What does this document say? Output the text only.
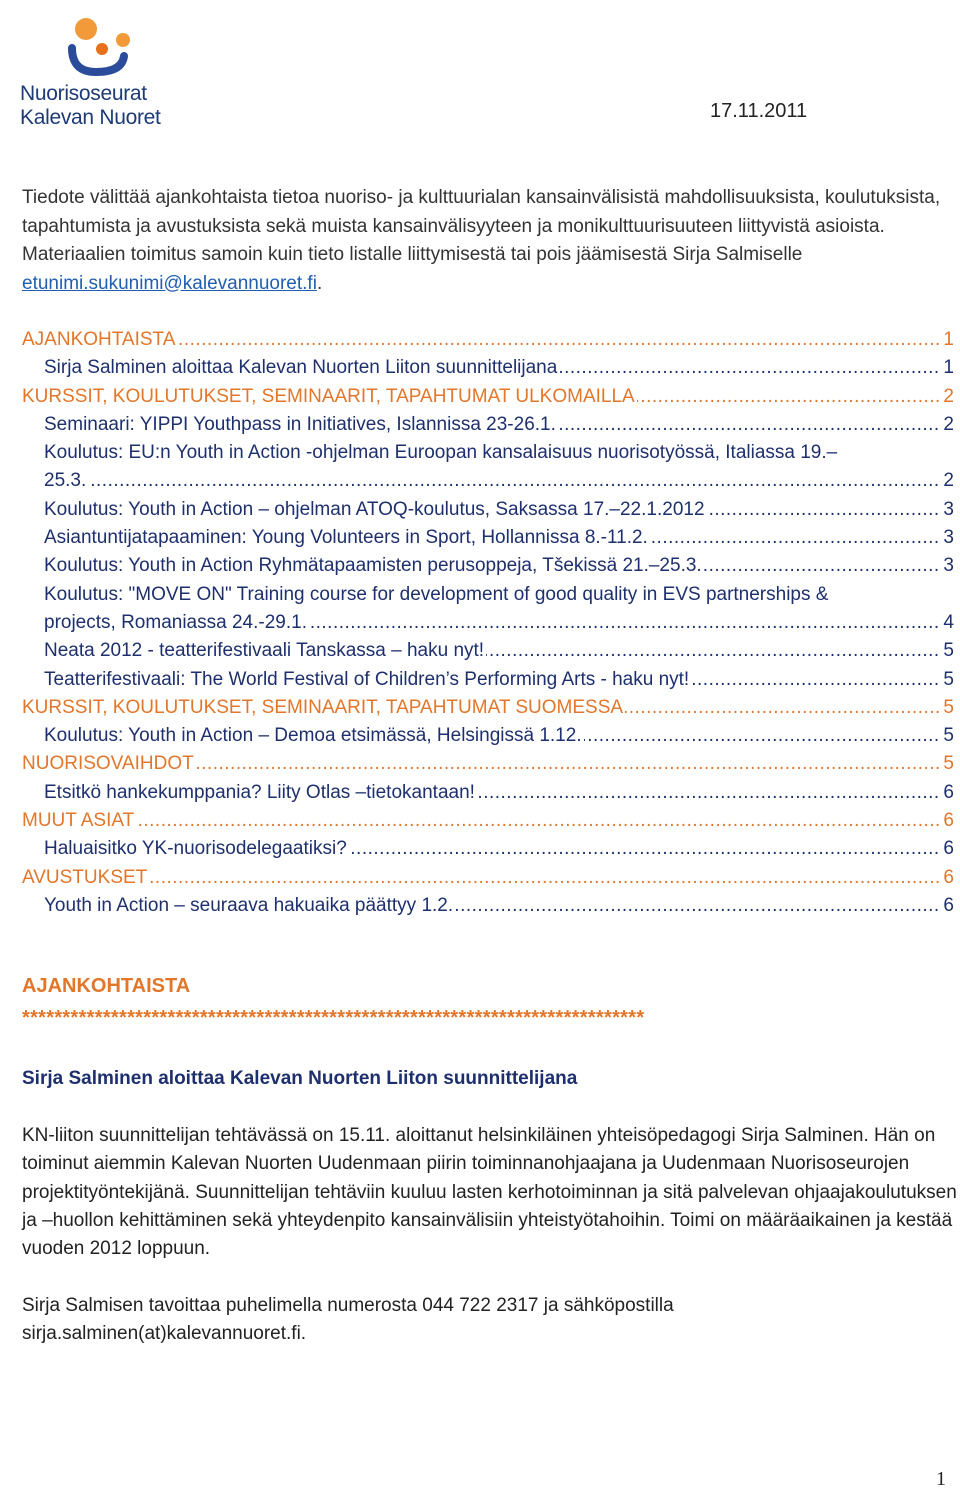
Nuorisoseurat
Kalevan Nuoret	17.11.2011
Tiedote välittää ajankohtaista tietoa nuoriso- ja kulttuurialan kansainvälisistä mahdollisuuksista, koulutuksista, tapahtumista ja avustuksista sekä muista kansainvälisyyteen ja monikulttuurisuuteen liittyvistä asioista. Materiaalien toimitus samoin kuin tieto listalle liittymisestä tai pois jäämisestä Sirja Salmiselle etunimi.sukunimi@kalevannuoret.fi.
AJANKOHTAISTA .....	1
Sirja Salminen aloittaa Kalevan Nuorten Liiton suunnittelijana .....	1
KURSSIT, KOULUTUKSET, SEMINAARIT, TAPAHTUMAT ULKOMAILLA .....	2
Seminaari: YIPPI Youthpass in Initiatives, Islannissa 23-26.1. .....	2
Koulutus: EU:n Youth in Action -ohjelman Euroopan kansalaisuus nuorisotyössä, Italiassa 19.–
25.3. .....	2
Koulutus: Youth in Action – ohjelman ATOQ-koulutus, Saksassa 17.–22.1.2012 .....	3
Asiantuntijatapaaminen: Young Volunteers in Sport, Hollannissa 8.-11.2. .....	3
Koulutus: Youth in Action Ryhmätapaamisten perusoppeja, Tšekissä 21.–25.3. .....	3
Koulutus: "MOVE ON" Training course for development of good quality in EVS partnerships &
projects, Romaniassa 24.-29.1. .....	4
Neata 2012 - teatterifestivaali Tanskassa – haku nyt! .....	5
Teatterifestivaali: The World Festival of Children’s Performing Arts - haku nyt! .....	5
KURSSIT, KOULUTUKSET, SEMINAARIT, TAPAHTUMAT SUOMESSA .....	5
Koulutus: Youth in Action – Demoa etsimässä, Helsingissä 1.12. .....	5
NUORISOVAIHDOT .....	5
Etsitkö hankekumppania? Liity Otlas –tietokantaan! .....	6
MUUT ASIAT .....	6
Haluaisitko YK-nuorisodelegaatiksi? .....	6
AVUSTUKSET .....	6
Youth in Action – seuraava hakuaika päättyy 1.2. .....	6
AJANKOHTAISTA
*****************************************************************************
Sirja Salminen aloittaa Kalevan Nuorten Liiton suunnittelijana
KN-liiton suunnittelijan tehtävässä on 15.11. aloittanut helsinkiläinen yhteisöpedagogi Sirja Salminen. Hän on toiminut aiemmin Kalevan Nuorten Uudenmaan piirin toiminnanohjaajana ja Uudenmaan Nuorisoseurojen projektityöntekijänä. Suunnittelijan tehtäviin kuuluu lasten kerhotoiminnan ja sitä palvelevan ohjaajakoulutuksen ja –huollon kehittäminen sekä yhteydenpito kansainvälisiin yhteistyötahoihin. Toimi on määräaikainen ja kestää vuoden 2012 loppuun.
Sirja Salmisen tavoittaa puhelimella numerosta 044 722 2317 ja sähköpostilla sirja.salminen(at)kalevannuoret.fi.
1
